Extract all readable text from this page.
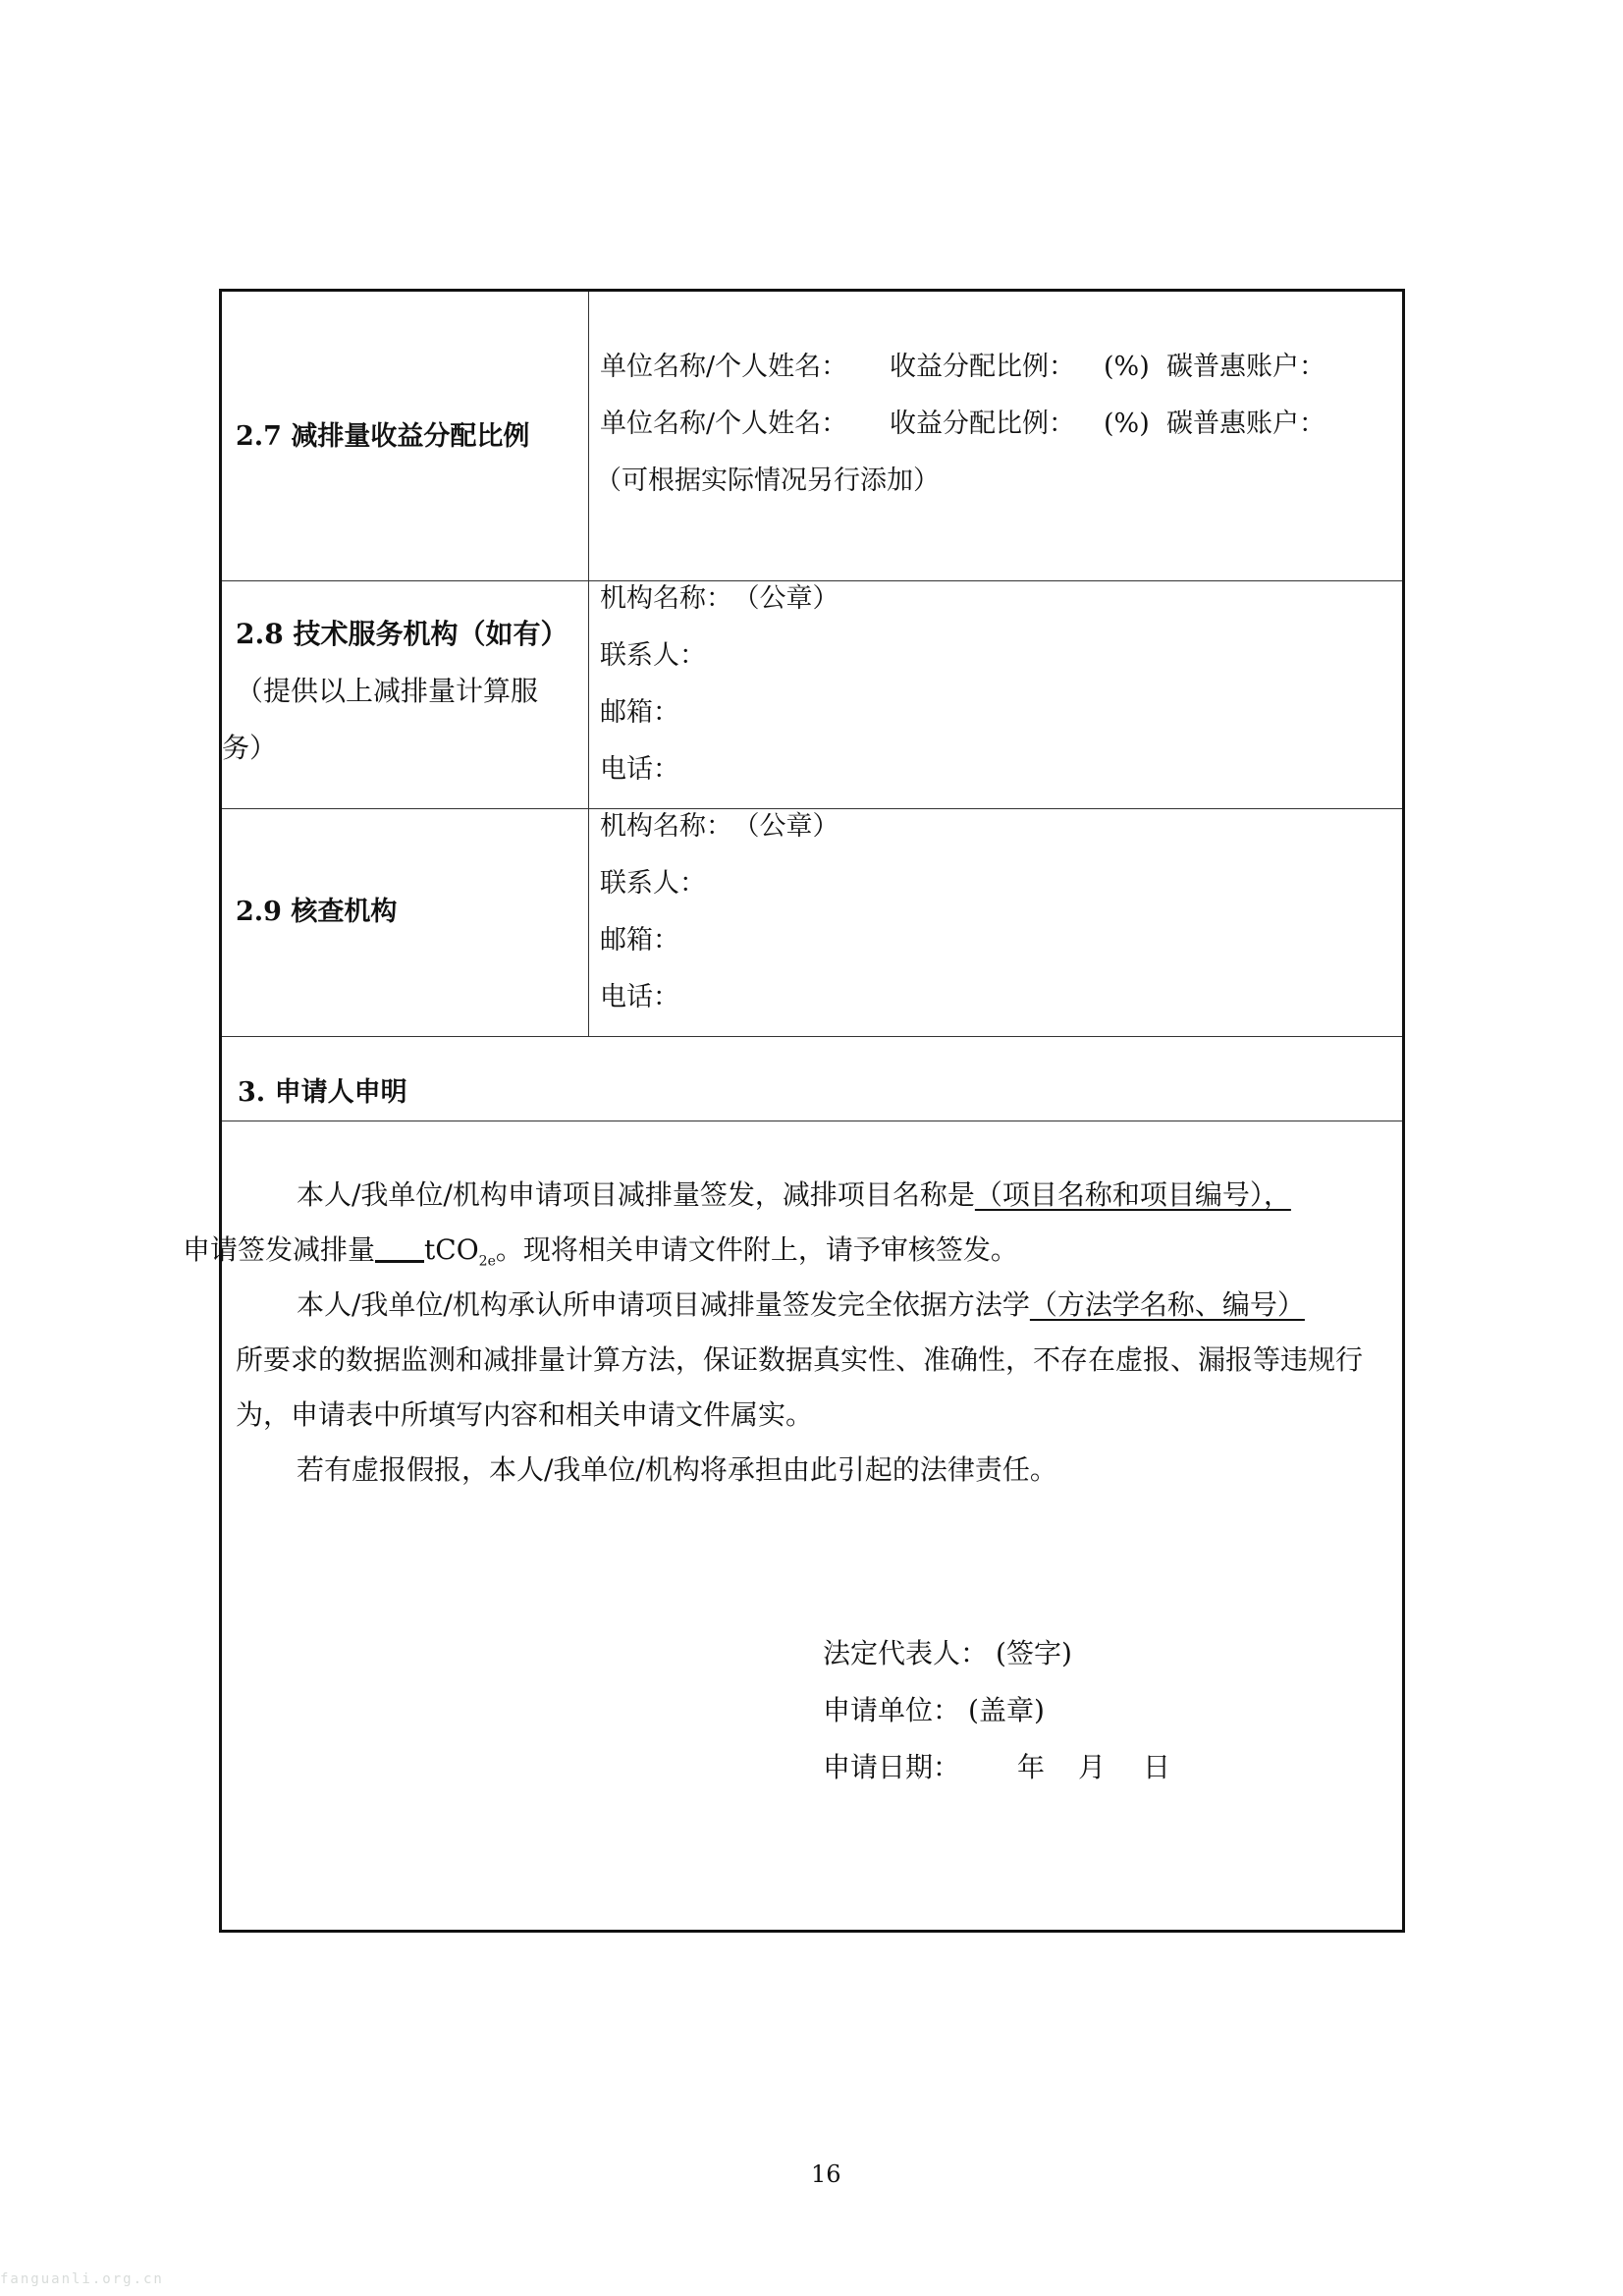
2.7 减排量收益分配比例
单位名称/个人姓名： 收益分配比例： (%) 碳普惠账户：
单位名称/个人姓名： 收益分配比例： (%) 碳普惠账户：
（可根据实际情况另行添加）
2.8 技术服务机构（如有）
（提供以上减排量计算服务）
机构名称： （公章）
联系人：
邮箱：
电话：
2.9 核查机构
机构名称： （公章）
联系人：
邮箱：
电话：
3. 申请人申明
本人/我单位/机构申请项目减排量签发，减排项目名称是（项目名称和项目编号），
申请签发减排量 tCO$_{2e}$。现将相关申请文件附上，请予审核签发。
本人/我单位/机构承认所申请项目减排量签发完全依据方法学（方法学名称、编号）
所要求的数据监测和减排量计算方法，保证数据真实性、准确性，不存在虚报、漏报等违规行为，申请表中所填写内容和相关申请文件属实。
若有虚报假报，本人/我单位/机构将承担由此引起的法律责任。
法定代表人： (签字)
申请单位： (盖章)
申请日期： 年 月 日
16
fanguanli.org.cn
